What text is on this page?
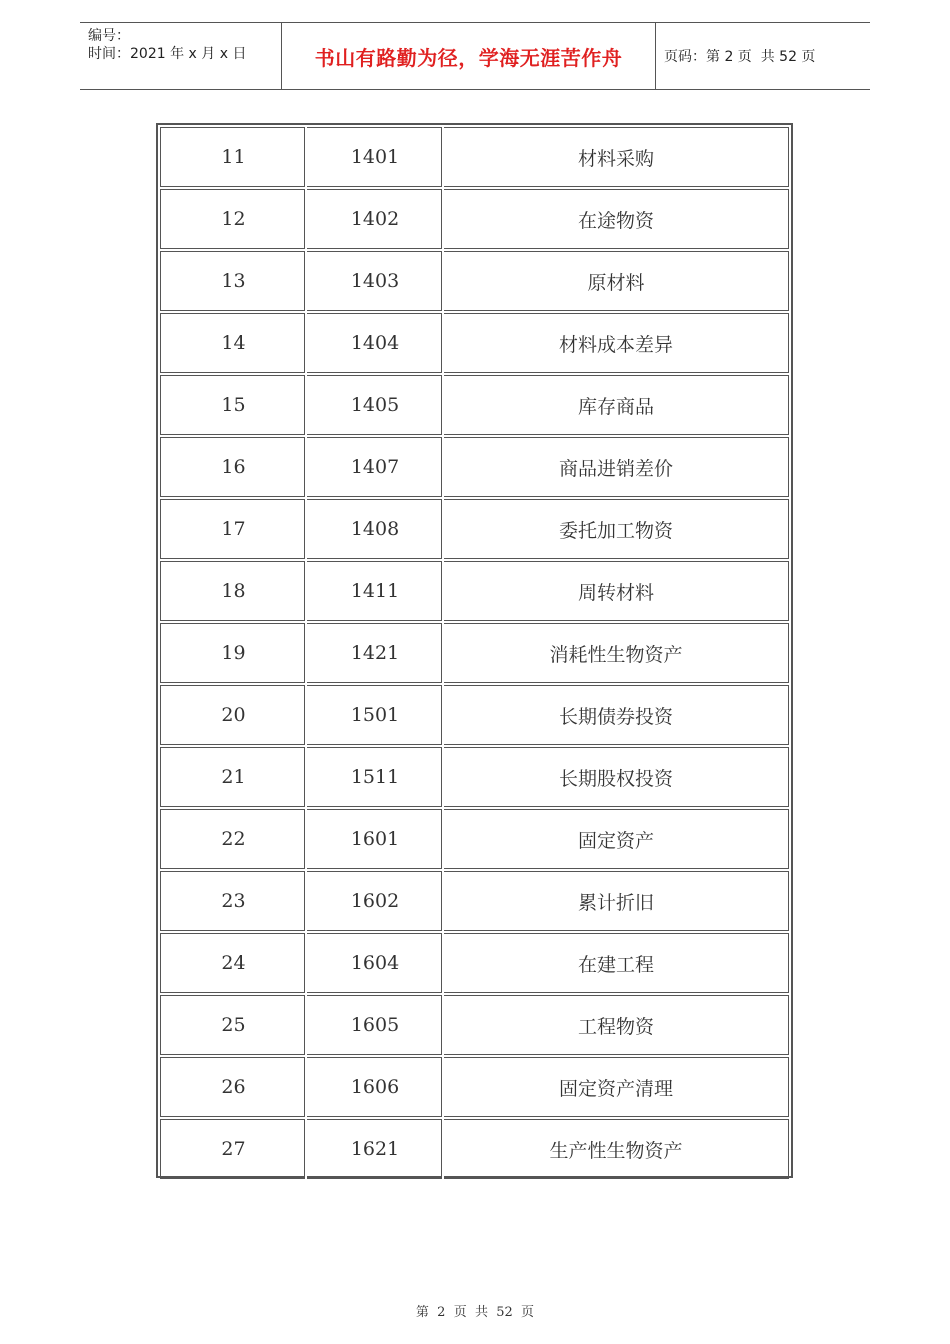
编号：
时间：2021 年 x 月 x 日	书山有路勤为径，学海无涯苦作舟	页码：第 2 页  共 52 页
11	1401	材料采购
12	1402	在途物资
13	1403	原材料
14	1404	材料成本差异
15	1405	库存商品
16	1407	商品进销差价
17	1408	委托加工物资
18	1411	周转材料
19	1421	消耗性生物资产
20	1501	长期债券投资
21	1511	长期股权投资
22	1601	固定资产
23	1602	累计折旧
24	1604	在建工程
25	1605	工程物资
26	1606	固定资产清理
27	1621	生产性生物资产
第  2  页  共  52  页
